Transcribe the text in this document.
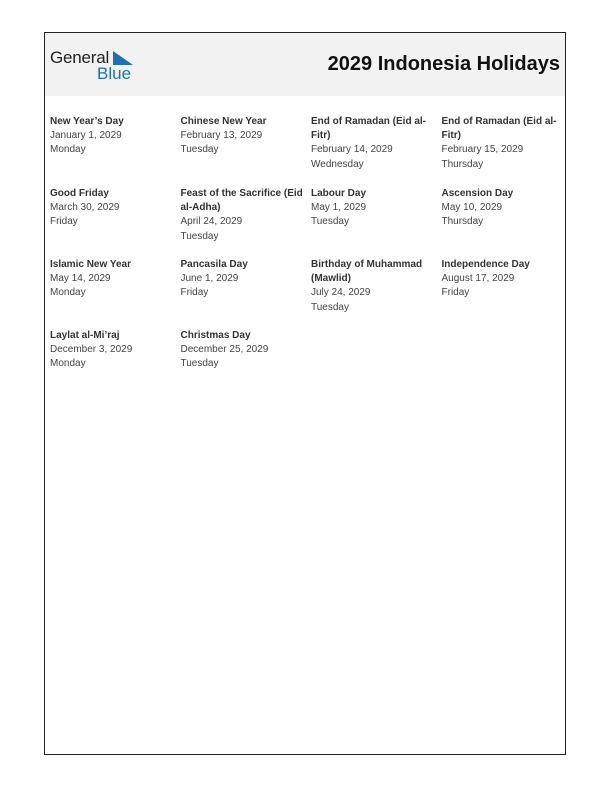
General
Blue	2029 Indonesia Holidays
New Year’s Day
January 1, 2029
Monday
Chinese New Year
February 13, 2029
Tuesday
End of Ramadan (Eid al-Fitr)
February 14, 2029
Wednesday
End of Ramadan (Eid al-Fitr)
February 15, 2029
Thursday
Good Friday
March 30, 2029
Friday
Feast of the Sacrifice (Eid al-Adha)
April 24, 2029
Tuesday
Labour Day
May 1, 2029
Tuesday
Ascension Day
May 10, 2029
Thursday
Islamic New Year
May 14, 2029
Monday
Pancasila Day
June 1, 2029
Friday
Birthday of Muhammad (Mawlid)
July 24, 2029
Tuesday
Independence Day
August 17, 2029
Friday
Laylat al-Mi’raj
December 3, 2029
Monday
Christmas Day
December 25, 2029
Tuesday
